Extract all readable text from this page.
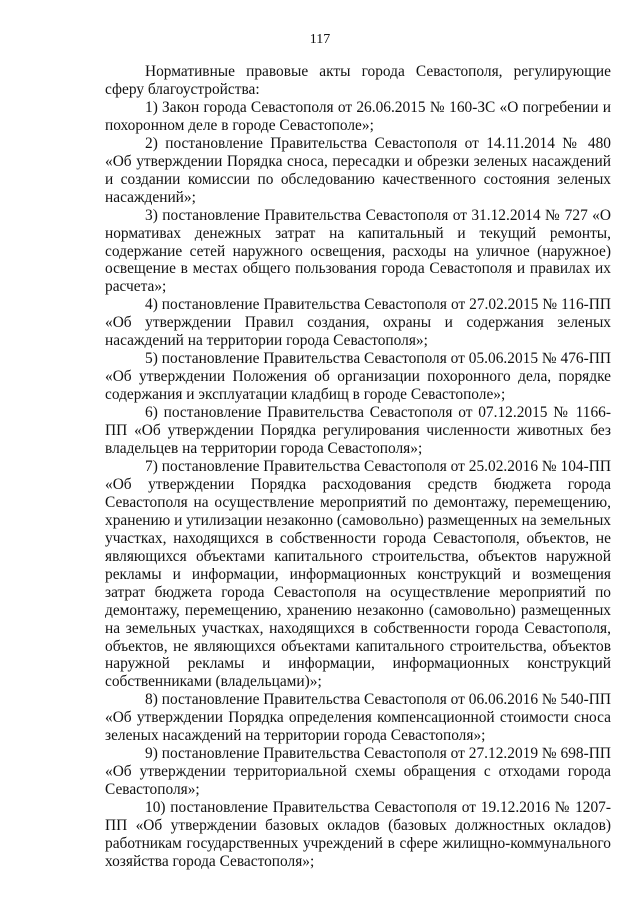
117

Нормативные правовые акты города Севастополя, регулирующие сферу благоустройства:

1) Закон города Севастополя от 26.06.2015 № 160-ЗС «О погребении и похоронном деле в городе Севастополе»;

2) постановление Правительства Севастополя от 14.11.2014 № 480 «Об утверждении Порядка сноса, пересадки и обрезки зеленых насаждений и создании комиссии по обследованию качественного состояния зеленых насаждений»;

3) постановление Правительства Севастополя от 31.12.2014 № 727 «О нормативах денежных затрат на капитальный и текущий ремонты, содержание сетей наружного освещения, расходы на уличное (наружное) освещение в местах общего пользования города Севастополя и правилах их расчета»;

4) постановление Правительства Севастополя от 27.02.2015 № 116-ПП «Об утверждении Правил создания, охраны и содержания зеленых насаждений на территории города Севастополя»;

5) постановление Правительства Севастополя от 05.06.2015 № 476-ПП «Об утверждении Положения об организации похоронного дела, порядке содержания и эксплуатации кладбищ в городе Севастополе»;

6) постановление Правительства Севастополя от 07.12.2015 № 1166-ПП «Об утверждении Порядка регулирования численности животных без владельцев на территории города Севастополя»;

7) постановление Правительства Севастополя от 25.02.2016 № 104-ПП «Об утверждении Порядка расходования средств бюджета города Севастополя на осуществление мероприятий по демонтажу, перемещению, хранению и утилизации незаконно (самовольно) размещенных на земельных участках, находящихся в собственности города Севастополя, объектов, не являющихся объектами капитального строительства, объектов наружной рекламы и информации, информационных конструкций и возмещения затрат бюджета города Севастополя на осуществление мероприятий по демонтажу, перемещению, хранению незаконно (самовольно) размещенных на земельных участках, находящихся в собственности города Севастополя, объектов, не являющихся объектами капитального строительства, объектов наружной рекламы и информации, информационных конструкций собственниками (владельцами)»;

8) постановление Правительства Севастополя от 06.06.2016 № 540-ПП «Об утверждении Порядка определения компенсационной стоимости сноса зеленых насаждений на территории города Севастополя»;

9) постановление Правительства Севастополя от 27.12.2019 № 698-ПП «Об утверждении территориальной схемы обращения с отходами города Севастополя»;

10) постановление Правительства Севастополя от 19.12.2016 № 1207-ПП «Об утверждении базовых окладов (базовых должностных окладов) работникам государственных учреждений в сфере жилищно-коммунального хозяйства города Севастополя»;
